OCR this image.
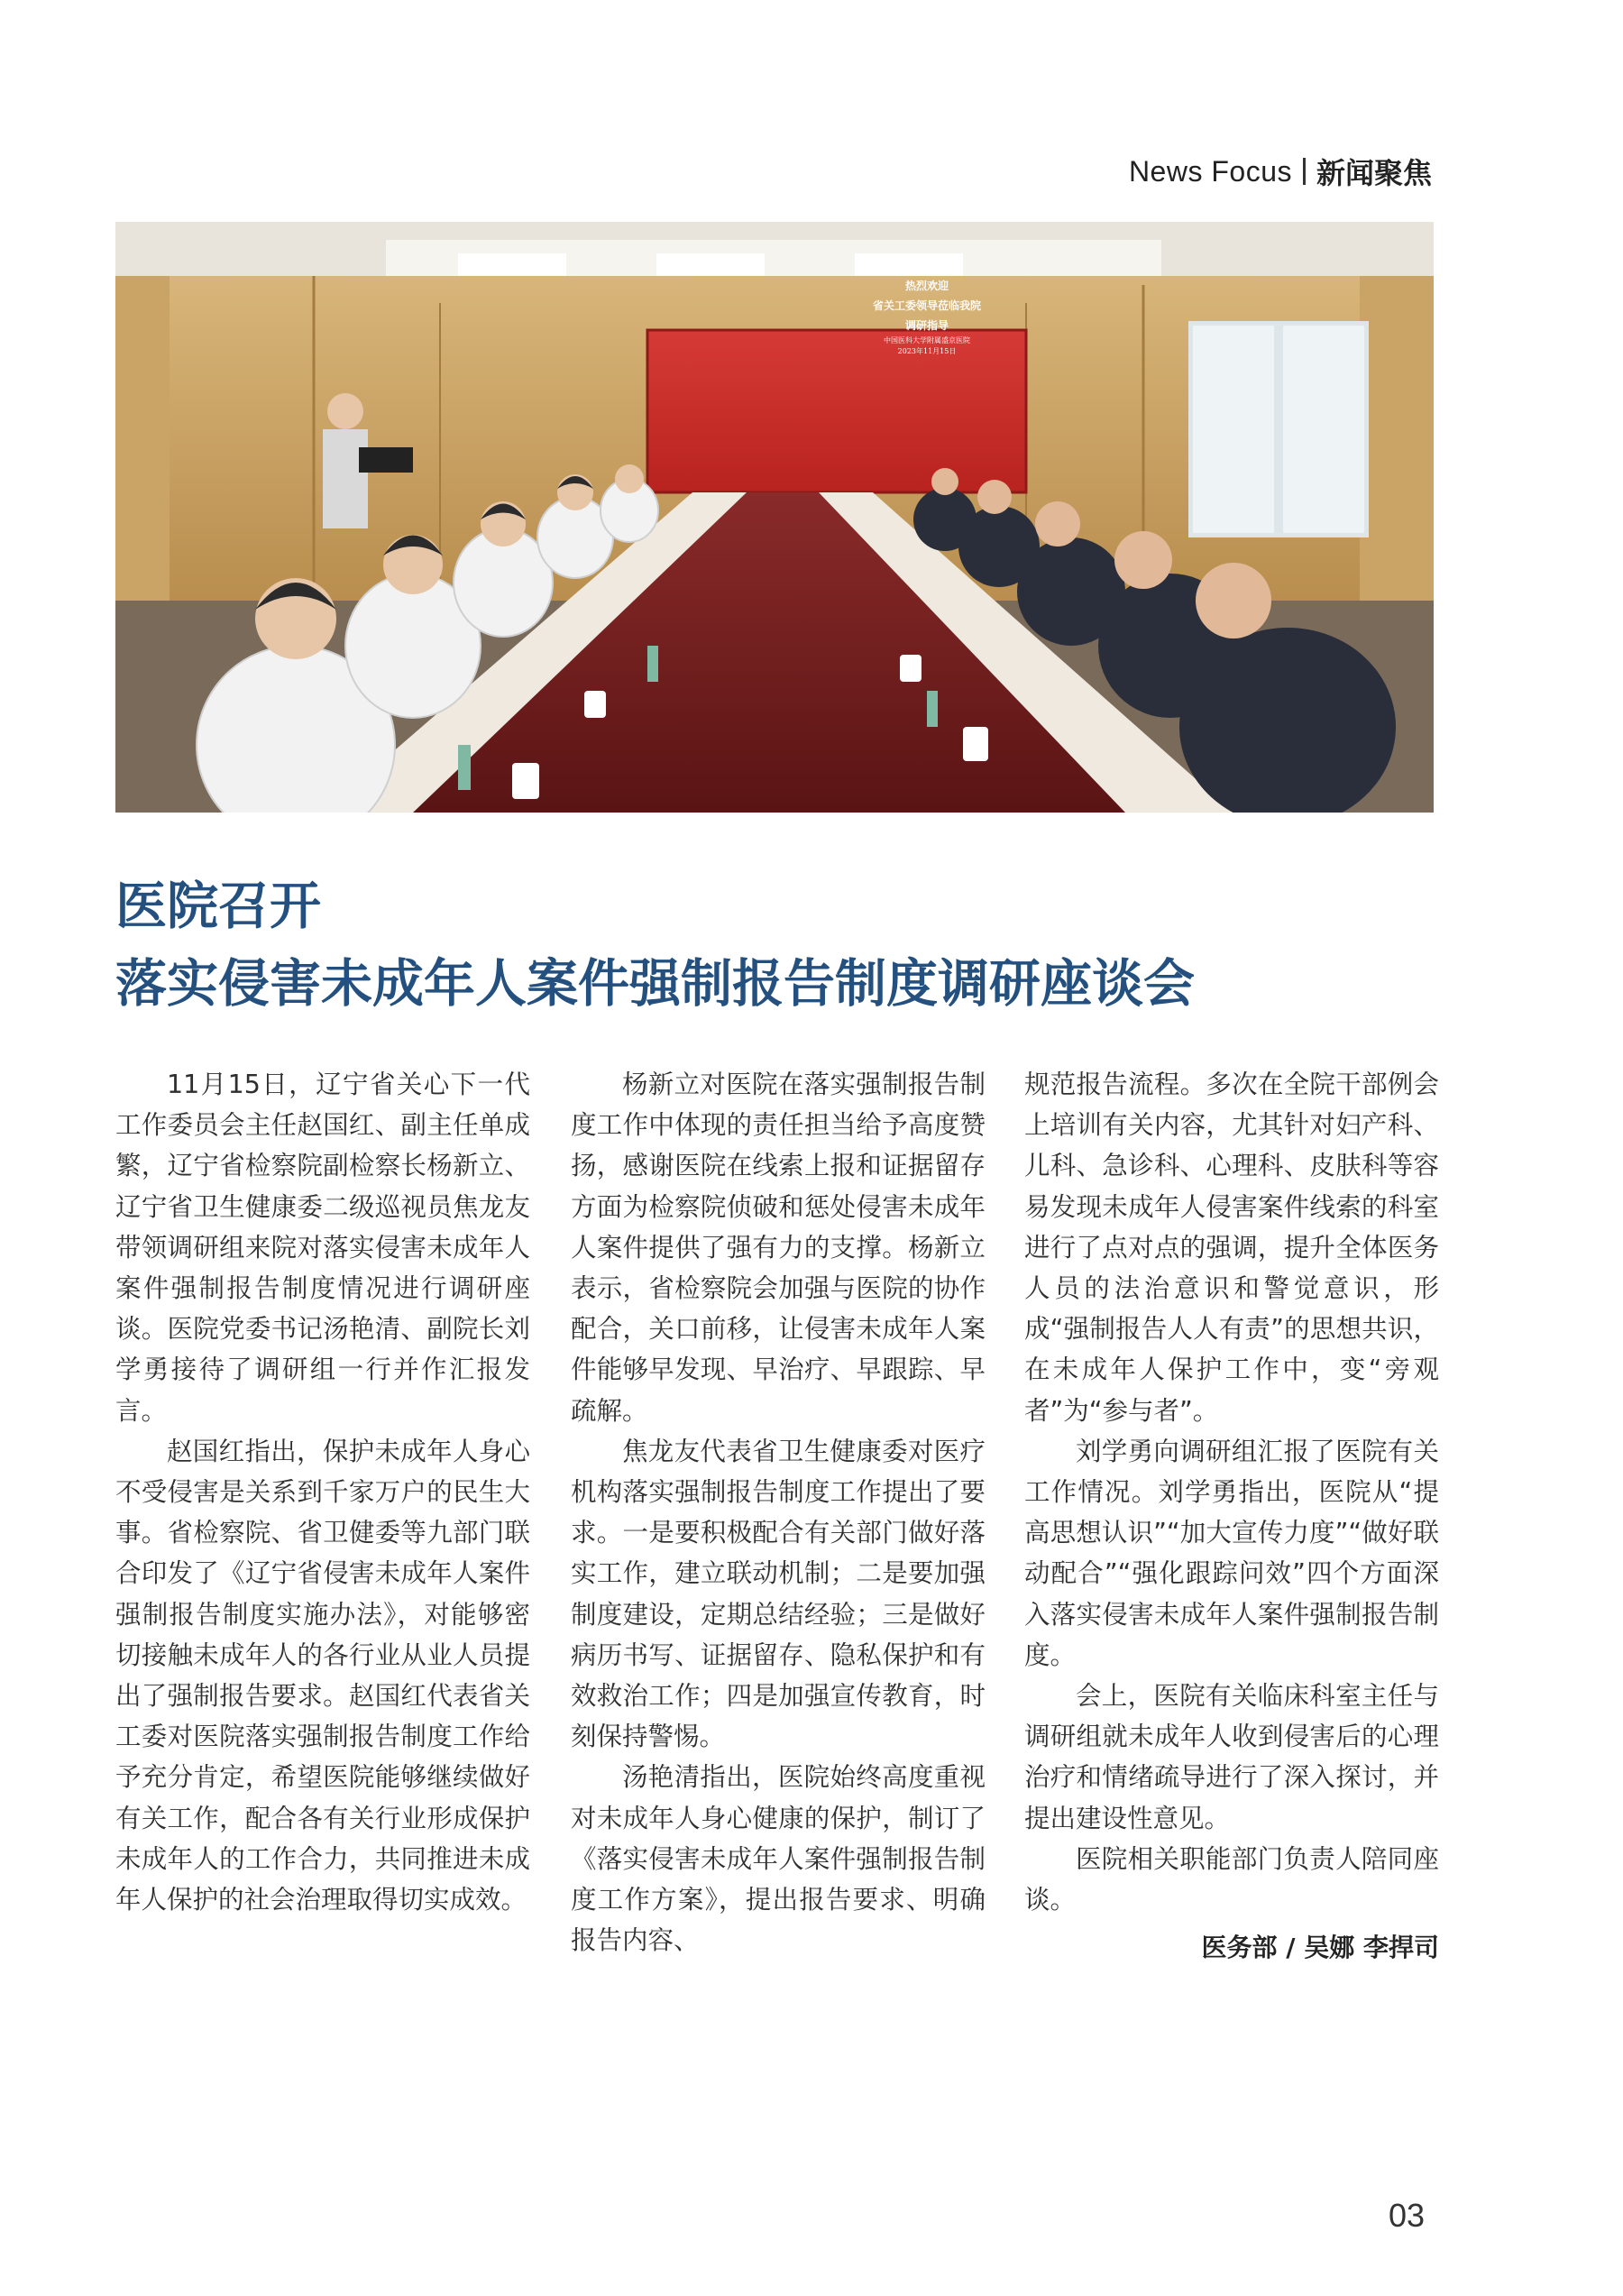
News Focus 新闻聚焦
热烈欢迎
省关工委领导莅临我院
调研指导
中国医科大学附属盛京医院
2023年11月15日
医院召开
落实侵害未成年人案件强制报告制度调研座谈会

11月15日，辽宁省关心下一代工作委员会主任赵国红、副主任单成繁，辽宁省检察院副检察长杨新立、辽宁省卫生健康委二级巡视员焦龙友带领调研组来院对落实侵害未成年人案件强制报告制度情况进行调研座谈。医院党委书记汤艳清、副院长刘学勇接待了调研组一行并作汇报发言。

赵国红指出，保护未成年人身心不受侵害是关系到千家万户的民生大事。省检察院、省卫健委等九部门联合印发了《辽宁省侵害未成年人案件强制报告制度实施办法》，对能够密切接触未成年人的各行业从业人员提出了强制报告要求。赵国红代表省关工委对医院落实强制报告制度工作给予充分肯定，希望医院能够继续做好有关工作，配合各有关行业形成保护未成年人的工作合力，共同推进未成年人保护的社会治理取得切实成效。

杨新立对医院在落实强制报告制度工作中体现的责任担当给予高度赞扬，感谢医院在线索上报和证据留存方面为检察院侦破和惩处侵害未成年人案件提供了强有力的支撑。杨新立表示，省检察院会加强与医院的协作配合，关口前移，让侵害未成年人案件能够早发现、早治疗、早跟踪、早疏解。

焦龙友代表省卫生健康委对医疗机构落实强制报告制度工作提出了要求。一是要积极配合有关部门做好落实工作，建立联动机制；二是要加强制度建设，定期总结经验；三是做好病历书写、证据留存、隐私保护和有效救治工作；四是加强宣传教育，时刻保持警惕。

汤艳清指出，医院始终高度重视对未成年人身心健康的保护，制订了《落实侵害未成年人案件强制报告制度工作方案》，提出报告要求、明确报告内容、

规范报告流程。多次在全院干部例会上培训有关内容，尤其针对妇产科、儿科、急诊科、心理科、皮肤科等容易发现未成年人侵害案件线索的科室进行了点对点的强调，提升全体医务人员的法治意识和警觉意识，形成“强制报告人人有责”的思想共识，在未成年人保护工作中，变“旁观者”为“参与者”。

刘学勇向调研组汇报了医院有关工作情况。刘学勇指出，医院从“提高思想认识”“加大宣传力度”“做好联动配合”“强化跟踪问效”四个方面深入落实侵害未成年人案件强制报告制度。

会上，医院有关临床科室主任与调研组就未成年人收到侵害后的心理治疗和情绪疏导进行了深入探讨，并提出建设性意见。

医院相关职能部门负责人陪同座谈。

医务部 / 吴娜 李捍司
03
